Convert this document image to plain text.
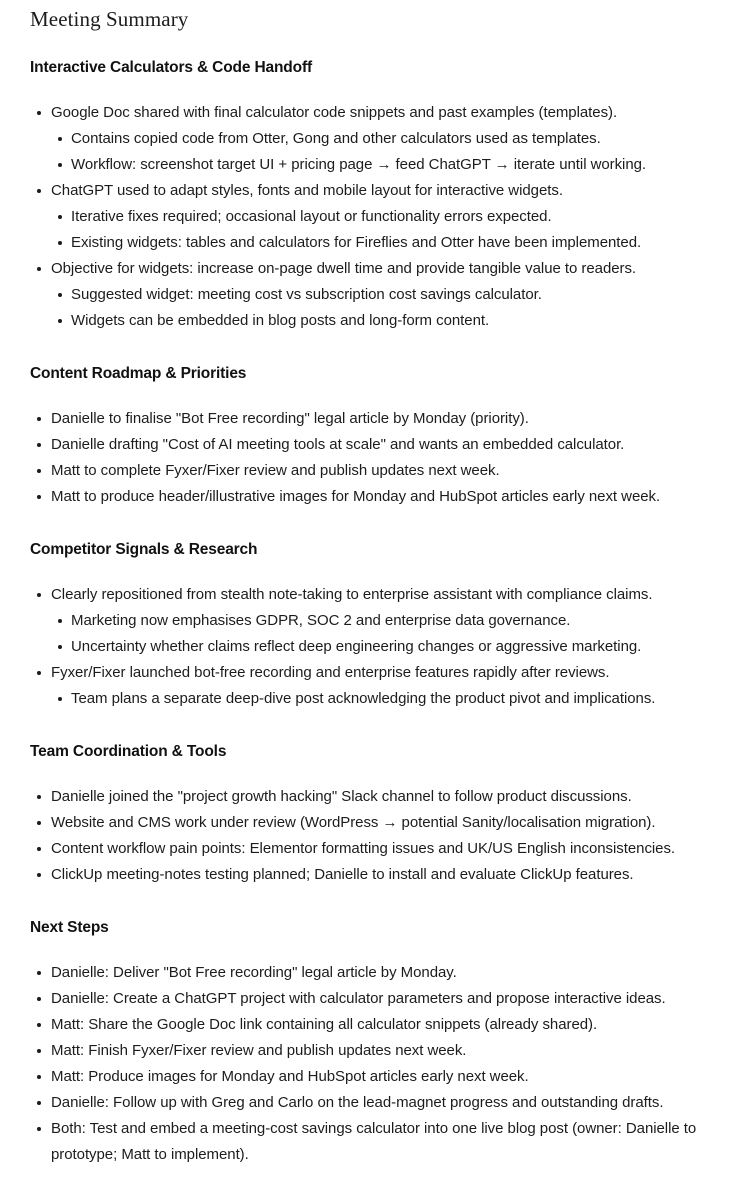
Meeting Summary
Interactive Calculators & Code Handoff
Google Doc shared with final calculator code snippets and past examples (templates).
Contains copied code from Otter, Gong and other calculators used as templates.
Workflow: screenshot target UI + pricing page → feed ChatGPT → iterate until working.
ChatGPT used to adapt styles, fonts and mobile layout for interactive widgets.
Iterative fixes required; occasional layout or functionality errors expected.
Existing widgets: tables and calculators for Fireflies and Otter have been implemented.
Objective for widgets: increase on-page dwell time and provide tangible value to readers.
Suggested widget: meeting cost vs subscription cost savings calculator.
Widgets can be embedded in blog posts and long-form content.
Content Roadmap & Priorities
Danielle to finalise "Bot Free recording" legal article by Monday (priority).
Danielle drafting "Cost of AI meeting tools at scale" and wants an embedded calculator.
Matt to complete Fyxer/Fixer review and publish updates next week.
Matt to produce header/illustrative images for Monday and HubSpot articles early next week.
Competitor Signals & Research
Clearly repositioned from stealth note-taking to enterprise assistant with compliance claims.
Marketing now emphasises GDPR, SOC 2 and enterprise data governance.
Uncertainty whether claims reflect deep engineering changes or aggressive marketing.
Fyxer/Fixer launched bot-free recording and enterprise features rapidly after reviews.
Team plans a separate deep-dive post acknowledging the product pivot and implications.
Team Coordination & Tools
Danielle joined the "project growth hacking" Slack channel to follow product discussions.
Website and CMS work under review (WordPress → potential Sanity/localisation migration).
Content workflow pain points: Elementor formatting issues and UK/US English inconsistencies.
ClickUp meeting-notes testing planned; Danielle to install and evaluate ClickUp features.
Next Steps
Danielle: Deliver "Bot Free recording" legal article by Monday.
Danielle: Create a ChatGPT project with calculator parameters and propose interactive ideas.
Matt: Share the Google Doc link containing all calculator snippets (already shared).
Matt: Finish Fyxer/Fixer review and publish updates next week.
Matt: Produce images for Monday and HubSpot articles early next week.
Danielle: Follow up with Greg and Carlo on the lead-magnet progress and outstanding drafts.
Both: Test and embed a meeting-cost savings calculator into one live blog post (owner: Danielle to prototype; Matt to implement).
